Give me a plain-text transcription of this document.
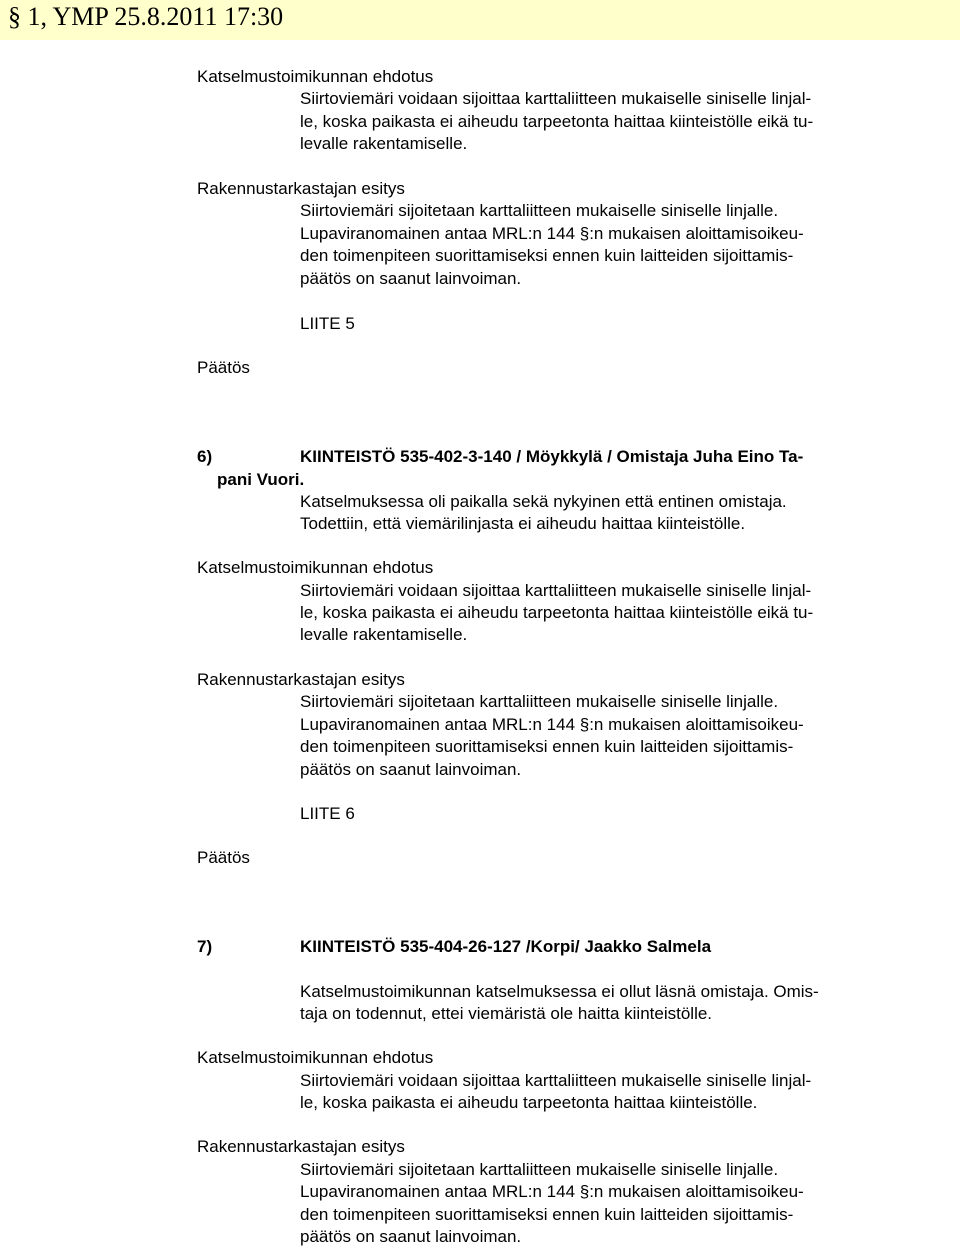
§ 1, YMP 25.8.2011 17:30
Katselmustoimikunnan ehdotus
Siirtoviemäri voidaan sijoittaa karttaliitteen mukaiselle siniselle linjal-
le, koska paikasta ei aiheudu tarpeetonta haittaa kiinteistölle eikä tu-
levalle rakentamiselle.
Rakennustarkastajan esitys
Siirtoviemäri sijoitetaan karttaliitteen mukaiselle siniselle linjalle.
Lupaviranomainen antaa MRL:n 144 §:n mukaisen aloittamisoikeu-
den toimenpiteen suorittamiseksi ennen kuin laitteiden sijoittamis-
päätös on saanut lainvoiman.
LIITE 5
Päätös
6)	KIINTEISTÖ 535-402-3-140 / Möykkylä / Omistaja Juha Eino Ta-
pani Vuori.
Katselmuksessa oli paikalla sekä nykyinen että entinen omistaja.
Todettiin, että viemärilinjasta ei aiheudu haittaa kiinteistölle.
Katselmustoimikunnan ehdotus
Siirtoviemäri voidaan sijoittaa karttaliitteen mukaiselle siniselle linjal-
le, koska paikasta ei aiheudu tarpeetonta haittaa kiinteistölle eikä tu-
levalle rakentamiselle.
Rakennustarkastajan esitys
Siirtoviemäri sijoitetaan karttaliitteen mukaiselle siniselle linjalle.
Lupaviranomainen antaa MRL:n 144 §:n mukaisen aloittamisoikeu-
den toimenpiteen suorittamiseksi ennen kuin laitteiden sijoittamis-
päätös on saanut lainvoiman.
LIITE 6
Päätös
7)	KIINTEISTÖ 535-404-26-127 /Korpi/ Jaakko Salmela
Katselmustoimikunnan katselmuksessa ei ollut läsnä omistaja. Omis-
taja on todennut, ettei viemäristä ole haitta kiinteistölle.
Katselmustoimikunnan ehdotus
Siirtoviemäri voidaan sijoittaa karttaliitteen mukaiselle siniselle linjal-
le, koska paikasta ei aiheudu tarpeetonta haittaa kiinteistölle.
Rakennustarkastajan esitys
Siirtoviemäri sijoitetaan karttaliitteen mukaiselle siniselle linjalle.
Lupaviranomainen antaa MRL:n 144 §:n mukaisen aloittamisoikeu-
den toimenpiteen suorittamiseksi ennen kuin laitteiden sijoittamis-
päätös on saanut lainvoiman.
